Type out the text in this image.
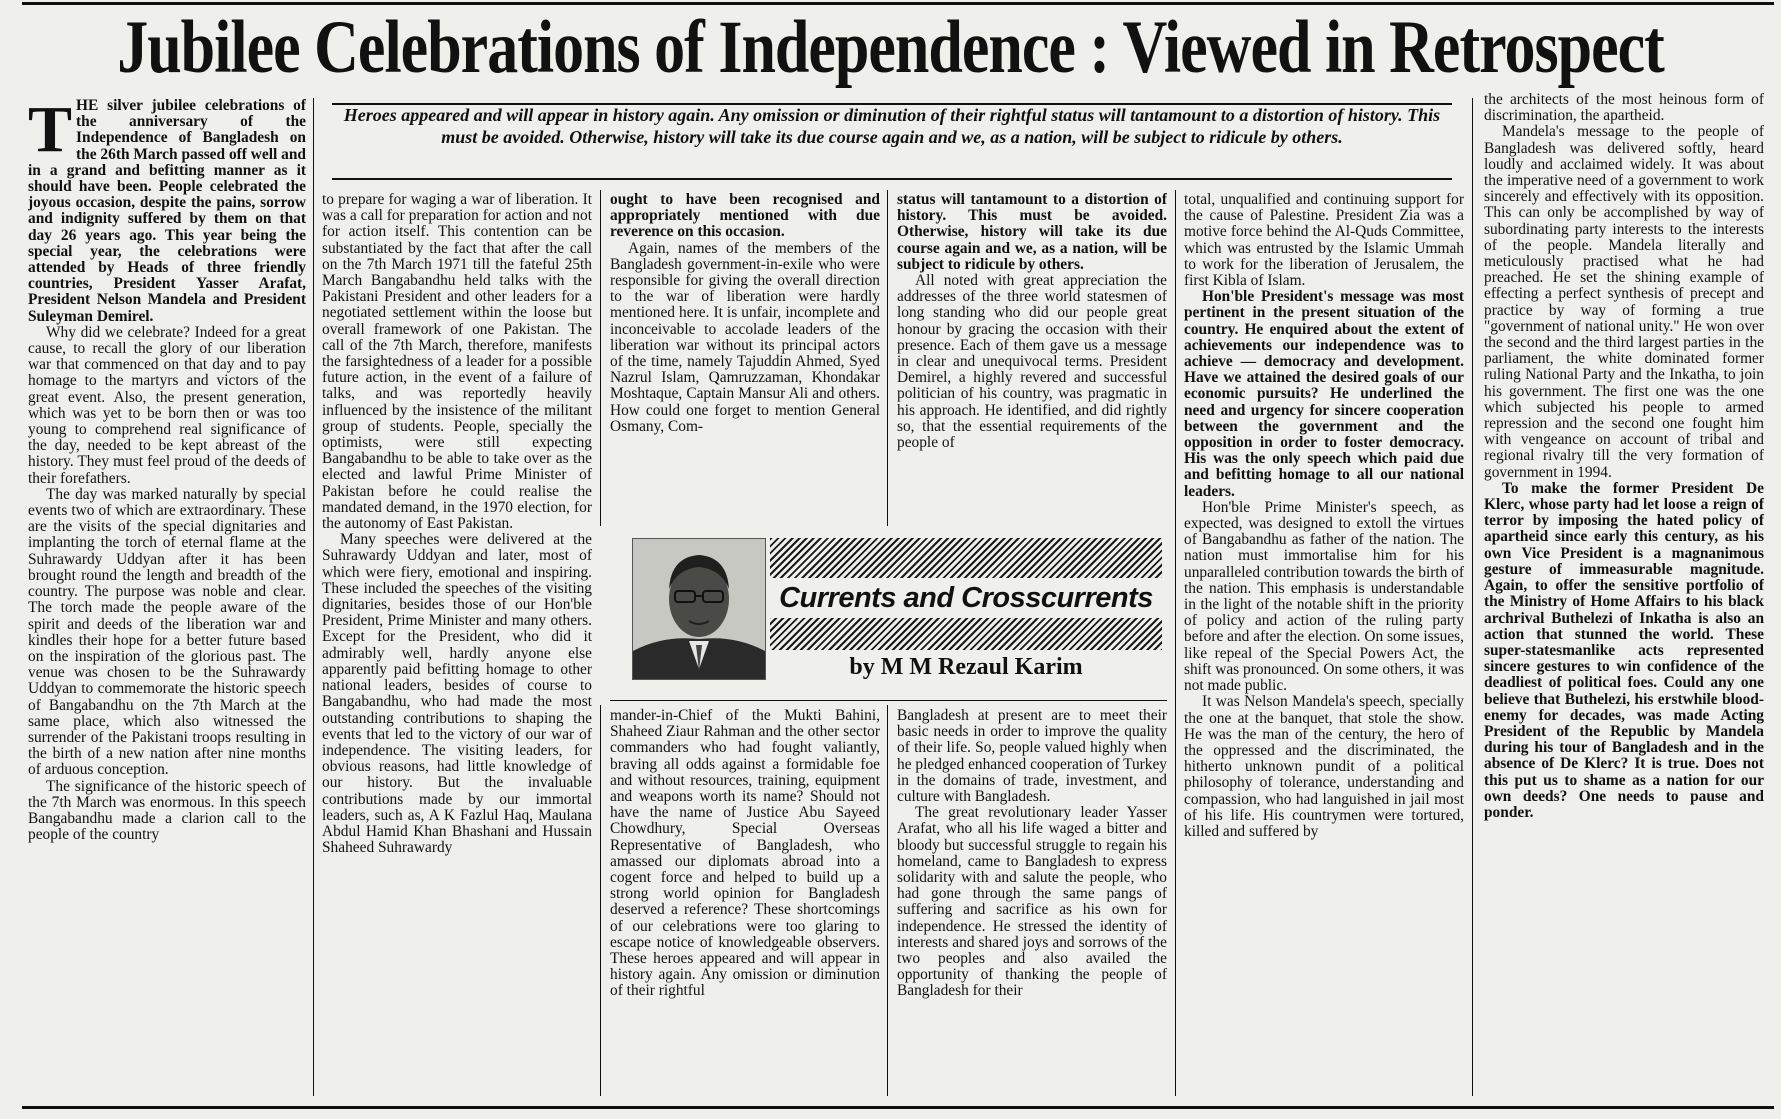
Jubilee Celebrations of Independence : Viewed in Retrospect
Heroes appeared and will appear in history again. Any omission or diminution of their rightful status will tantamount to a distortion of history. This must be avoided. Otherwise, history will take its due course again and we, as a nation, will be subject to ridicule by others.
T HE silver jubilee celebrations of the anniversary of the Independence of Bangladesh on the 26th March passed off well and in a grand and befitting manner as it should have been. People celebrated the joyous occasion, despite the pains, sorrow and indignity suffered by them on that day 26 years ago. This year being the special year, the celebrations were attended by Heads of three friendly countries, President Yasser Arafat, President Nelson Mandela and President Suleyman Demirel.

Why did we celebrate? Indeed for a great cause, to recall the glory of our liberation war that commenced on that day and to pay homage to the martyrs and victors of the great event. Also, the present generation, which was yet to be born then or was too young to comprehend real significance of the day, needed to be kept abreast of the history. They must feel proud of the deeds of their forefathers.

The day was marked naturally by special events two of which are extraordinary. These are the visits of the special dignitaries and implanting the torch of eternal flame at the Suhrawardy Uddyan after it has been brought round the length and breadth of the country. The purpose was noble and clear. The torch made the people aware of the spirit and deeds of the liberation war and kindles their hope for a better future based on the inspiration of the glorious past. The venue was chosen to be the Suhrawardy Uddyan to commemorate the historic speech of Bangabandhu on the 7th March at the same place, which also witnessed the surrender of the Pakistani troops resulting in the birth of a new nation after nine months of arduous conception.

The significance of the historic speech of the 7th March was enormous. In this speech Bangabandhu made a clarion call to the people of the country

to prepare for waging a war of liberation. It was a call for preparation for action and not for action itself. This contention can be substantiated by the fact that after the call on the 7th March 1971 till the fateful 25th March Bangabandhu held talks with the Pakistani President and other leaders for a negotiated settlement within the loose but overall framework of one Pakistan. The call of the 7th March, therefore, manifests the farsightedness of a leader for a possible future action, in the event of a failure of talks, and was reportedly heavily influenced by the insistence of the militant group of students. People, specially the optimists, were still expecting Bangabandhu to be able to take over as the elected and lawful Prime Minister of Pakistan before he could realise the mandated demand, in the 1970 election, for the autonomy of East Pakistan.

Many speeches were delivered at the Suhrawardy Uddyan and later, most of which were fiery, emotional and inspiring. These included the speeches of the visiting dignitaries, besides those of our Hon'ble President, Prime Minister and many others. Except for the President, who did it admirably well, hardly anyone else apparently paid befitting homage to other national leaders, besides of course to Bangabandhu, who had made the most outstanding contributions to shaping the events that led to the victory of our war of independence. The visiting leaders, for obvious reasons, had little knowledge of our history. But the invaluable contributions made by our immortal leaders, such as, A K Fazlul Haq, Maulana Abdul Hamid Khan Bhashani and Hussain Shaheed Suhrawardy

ought to have been recognised and appropriately mentioned with due reverence on this occasion.

Again, names of the members of the Bangladesh government-in-exile who were responsible for giving the overall direction to the war of liberation were hardly mentioned here. It is unfair, incomplete and inconceivable to accolade leaders of the liberation war without its principal actors of the time, namely Tajuddin Ahmed, Syed Nazrul Islam, Qamruzzaman, Khondakar Moshtaque, Captain Mansur Ali and others. How could one forget to mention General Osmany, Com-

status will tantamount to a distortion of history. This must be avoided. Otherwise, history will take its due course again and we, as a nation, will be subject to ridicule by others.

All noted with great appreciation the addresses of the three world statesmen of long standing who did our people great honour by gracing the occasion with their presence. Each of them gave us a message in clear and unequivocal terms. President Demirel, a highly revered and successful politician of his country, was pragmatic in his approach. He identified, and did rightly so, that the essential requirements of the people of

Currents and Crosscurrents
by M M Rezaul Karim

mander-in-Chief of the Mukti Bahini, Shaheed Ziaur Rahman and the other sector commanders who had fought valiantly, braving all odds against a formidable foe and without resources, training, equipment and weapons worth its name? Should not have the name of Justice Abu Sayeed Chowdhury, Special Overseas Representative of Bangladesh, who amassed our diplomats abroad into a cogent force and helped to build up a strong world opinion for Bangladesh deserved a reference? These shortcomings of our celebrations were too glaring to escape notice of knowledgeable observers. These heroes appeared and will appear in history again. Any omission or diminution of their rightful

Bangladesh at present are to meet their basic needs in order to improve the quality of their life. So, people valued highly when he pledged enhanced cooperation of Turkey in the domains of trade, investment, and culture with Bangladesh.

The great revolutionary leader Yasser Arafat, who all his life waged a bitter and bloody but successful struggle to regain his homeland, came to Bangladesh to express solidarity with and salute the people, who had gone through the same pangs of suffering and sacrifice as his own for independence. He stressed the identity of interests and shared joys and sorrows of the two peoples and also availed the opportunity of thanking the people of Bangladesh for their

total, unqualified and continuing support for the cause of Palestine. President Zia was a motive force behind the Al-Quds Committee, which was entrusted by the Islamic Ummah to work for the liberation of Jerusalem, the first Kibla of Islam.

Hon'ble President's message was most pertinent in the present situation of the country. He enquired about the extent of achievements our independence was to achieve — democracy and development. Have we attained the desired goals of our economic pursuits? He underlined the need and urgency for sincere cooperation between the government and the opposition in order to foster democracy. His was the only speech which paid due and befitting homage to all our national leaders.

Hon'ble Prime Minister's speech, as expected, was designed to extoll the virtues of Bangabandhu as father of the nation. The nation must immortalise him for his unparalleled contribution towards the birth of the nation. This emphasis is understandable in the light of the notable shift in the priority of policy and action of the ruling party before and after the election. On some issues, like repeal of the Special Powers Act, the shift was pronounced. On some others, it was not made public.

It was Nelson Mandela's speech, specially the one at the banquet, that stole the show. He was the man of the century, the hero of the oppressed and the discriminated, the hitherto unknown pundit of a political philosophy of tolerance, understanding and compassion, who had languished in jail most of his life. His countrymen were tortured, killed and suffered by

the architects of the most heinous form of discrimination, the apartheid.

Mandela's message to the people of Bangladesh was delivered softly, heard loudly and acclaimed widely. It was about the imperative need of a government to work sincerely and effectively with its opposition. This can only be accomplished by way of subordinating party interests to the interests of the people. Mandela literally and meticulously practised what he had preached. He set the shining example of effecting a perfect synthesis of precept and practice by way of forming a true "government of national unity." He won over the second and the third largest parties in the parliament, the white dominated former ruling National Party and the Inkatha, to join his government. The first one was the one which subjected his people to armed repression and the second one fought him with vengeance on account of tribal and regional rivalry till the very formation of government in 1994.

To make the former President De Klerc, whose party had let loose a reign of terror by imposing the hated policy of apartheid since early this century, as his own Vice President is a magnanimous gesture of immeasurable magnitude. Again, to offer the sensitive portfolio of the Ministry of Home Affairs to his black archrival Buthelezi of Inkatha is also an action that stunned the world. These super-statesmanlike acts represented sincere gestures to win confidence of the deadliest of political foes. Could any one believe that Buthelezi, his erstwhile blood-enemy for decades, was made Acting President of the Republic by Mandela during his tour of Bangladesh and in the absence of De Klerc? It is true. Does not this put us to shame as a nation for our own deeds? One needs to pause and ponder.
